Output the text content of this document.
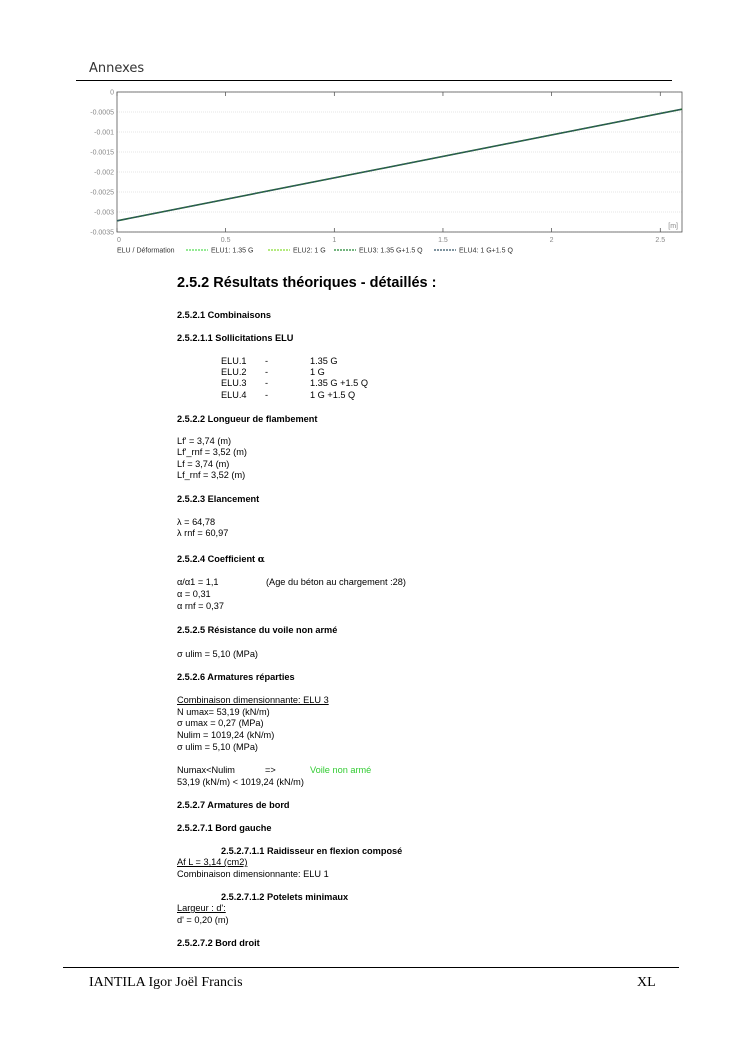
Annexes
0
-0.0005
-0.001
-0.0015
-0.002
-0.0025
-0.003
-0.0035
0	0.5	1	1.5	2	2.5
[m]
ELU / Déformation	ELU1: 1.35 G	ELU2: 1 G	ELU3: 1.35 G+1.5 Q	ELU4: 1 G+1.5 Q
2.5.2 Résultats théoriques - détaillés :
2.5.2.1 Combinaisons
2.5.2.1.1 Sollicitations ELU
ELU.1 -	1.35 G
ELU.2 -	1 G
ELU.3 -	1.35 G +1.5 Q
ELU.4 -	1 G +1.5 Q
2.5.2.2 Longueur de flambement
Lf' = 3,74 (m)
Lf'_rnf = 3,52 (m)
Lf = 3,74 (m)
Lf_rnf = 3,52 (m)
2.5.2.3 Elancement
λ = 64,78
λ rnf = 60,97
2.5.2.4 Coefficient α
α/α1 = 1,1	(Age du béton au chargement :28)
α = 0,31
α rnf = 0,37
2.5.2.5 Résistance du voile non armé
σ ulim = 5,10 (MPa)
2.5.2.6 Armatures réparties
Combinaison dimensionnante: ELU 3
N umax= 53,19 (kN/m)
σ umax = 0,27 (MPa)
Nulim = 1019,24 (kN/m)
σ ulim = 5,10 (MPa)
Numax<Nulim	=>	Voile non armé
53,19 (kN/m) < 1019,24 (kN/m)
2.5.2.7 Armatures de bord
2.5.2.7.1 Bord gauche
2.5.2.7.1.1 Raidisseur en flexion composé
Af L = 3,14 (cm2)
Combinaison dimensionnante: ELU 1
2.5.2.7.1.2 Potelets minimaux
Largeur : d':
d' = 0,20 (m)
2.5.2.7.2 Bord droit
IANTILA Igor Joël Francis	XL
